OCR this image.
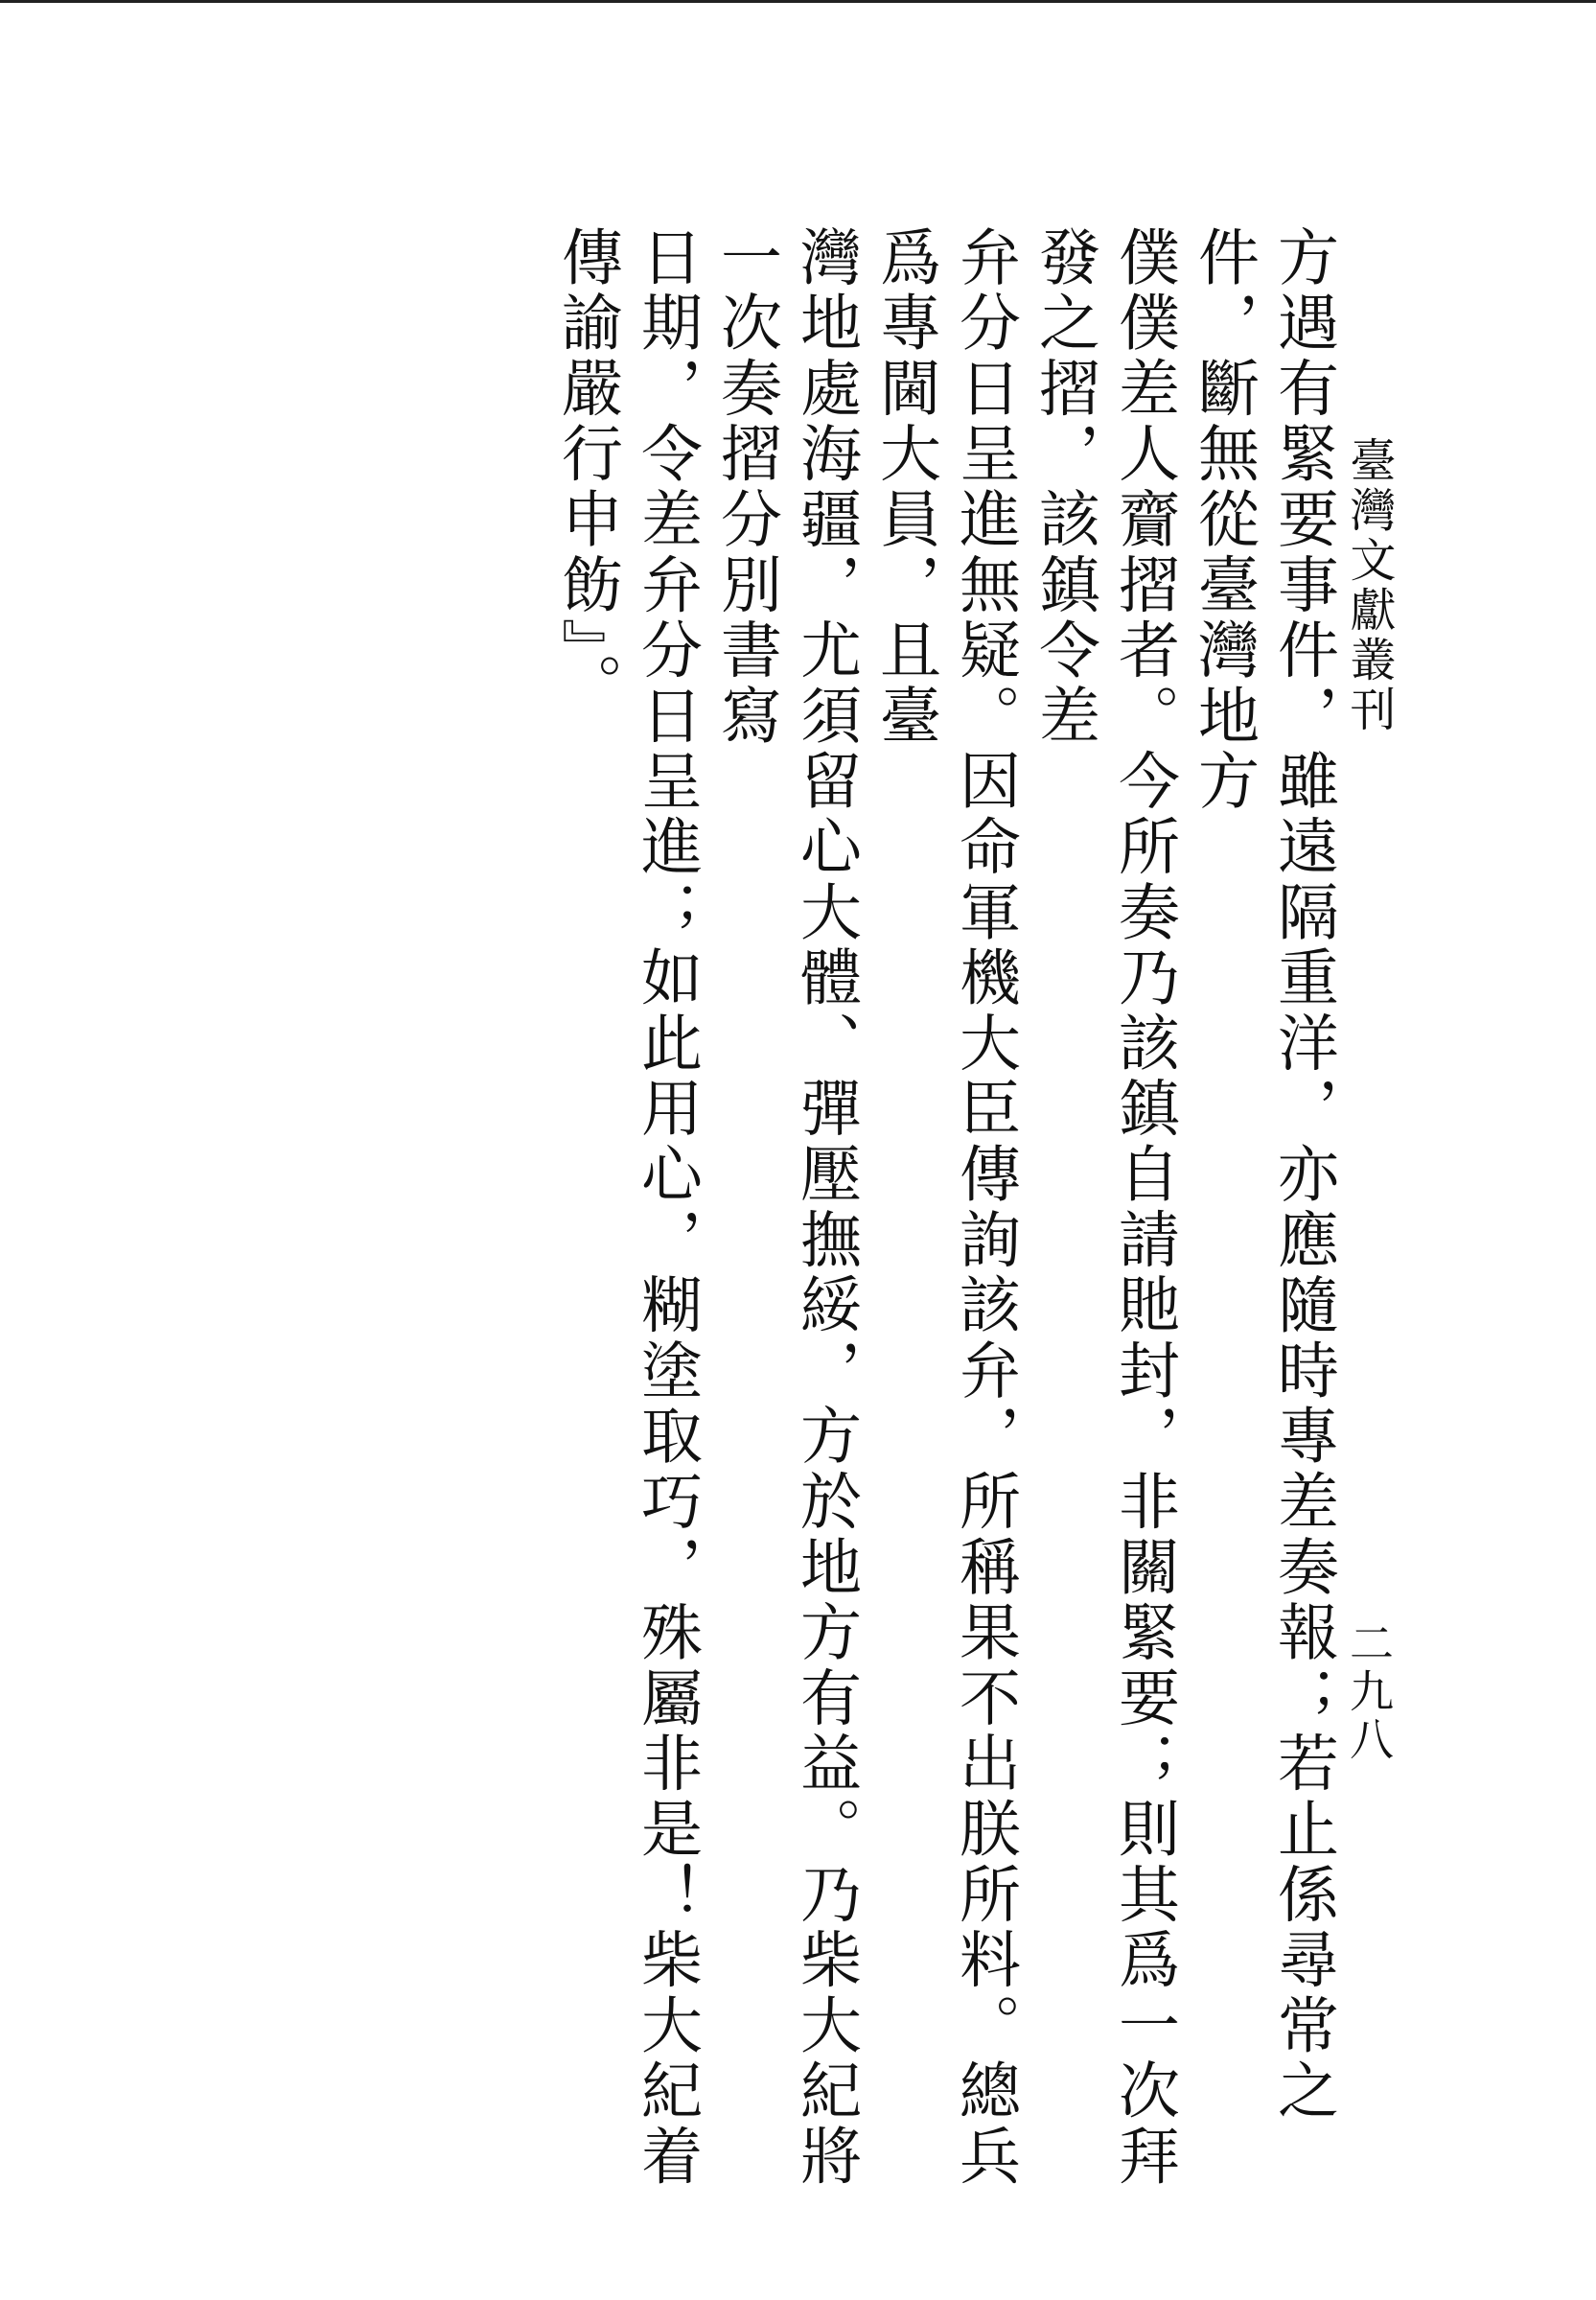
臺灣文獻叢刊
二九八

方遇有緊要事件，雖遠隔重洋，亦應隨時專差奏報；若止係尋常之件，斷無從臺灣地方

僕僕差人齎摺者。今所奏乃該鎮自請貤封，非關緊要；則其爲一次拜發之摺，該鎮令差

弁分日呈進無疑。因命軍機大臣傳詢該弁，所稱果不出朕所料。總兵爲專閫大員，且臺

灣地處海疆，尤須留心大體、彈壓撫綏，方於地方有益。乃柴大紀將一次奏摺分別書寫

日期，令差弁分日呈進；如此用心，糊塗取巧，殊屬非是！柴大紀着傳諭嚴行申飭』。
